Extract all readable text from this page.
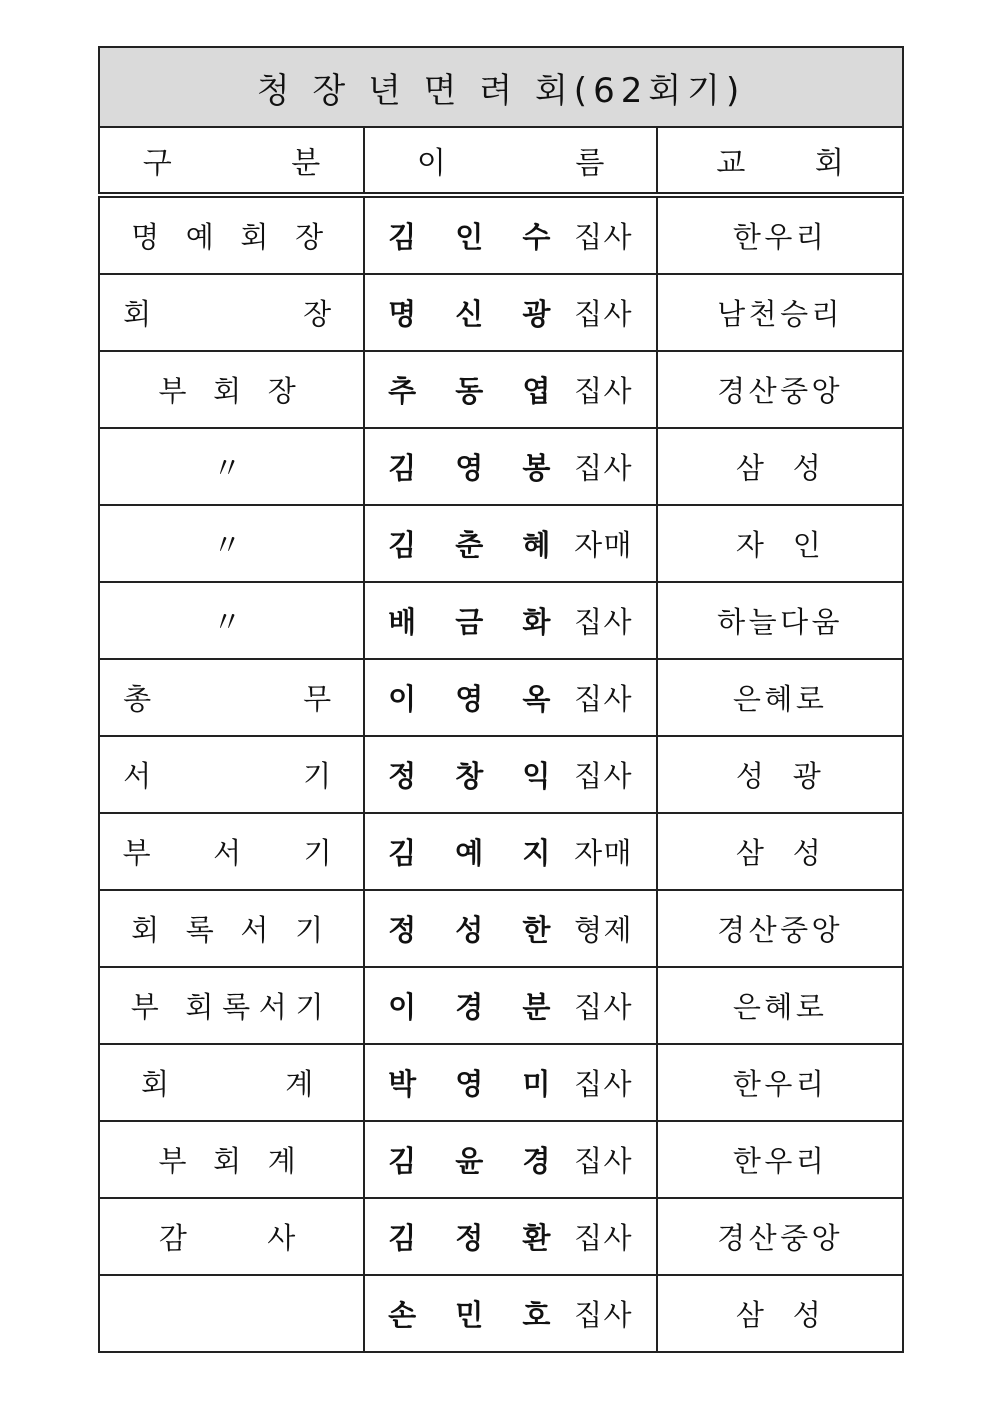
청 장 년 면 려 회(62회기)		
구 분	이 름	교 회
명 예 회 장	김 인 수 집사	한우리
회        장	명 신 광 집사	남천승리
부 회 장	추 동 엽 집사	경산중앙
〃	김 영 봉 집사	삼  성
〃	김 춘 혜 자매	자  인
〃	배 금 화 집사	하늘다움
총        무	이 영 옥 집사	은혜로
서        기	정 창 익 집사	성  광
부   서   기	김 예 지 자매	삼  성
회 록 서 기	정 성 한 형제	경산중앙
부 회록서기	이 경 분 집사	은혜로
회      계	박 영 미 집사	한우리
부 회 계	김 윤 경 집사	한우리
감    사	김 정 환 집사	경산중앙
	손 민 호 집사	삼  성
